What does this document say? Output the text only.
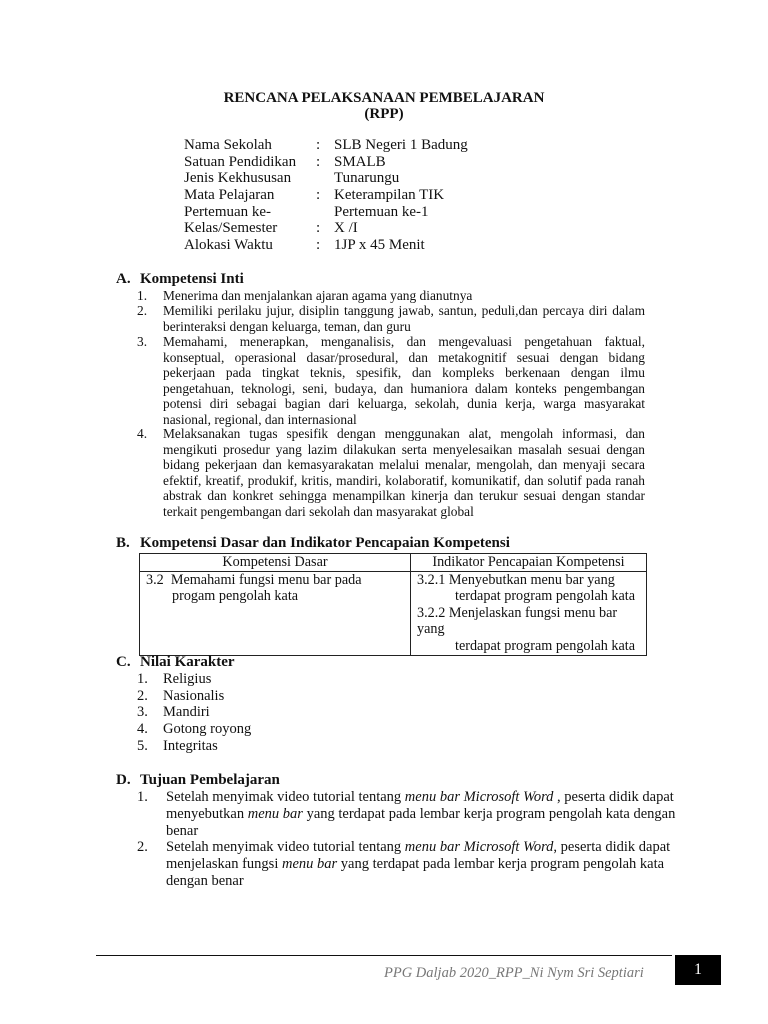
RENCANA PELAKSANAAN PEMBELAJARAN
(RPP)
Nama Sekolah	: SLB Negeri 1 Badung
Satuan Pendidikan	: SMALB
Jenis Kekhususan	Tunarungu
Mata Pelajaran	: Keterampilan TIK
Pertemuan ke-	Pertemuan ke-1
Kelas/Semester	: X /I
Alokasi Waktu	: 1JP x 45 Menit
A. Kompetensi Inti
1. Menerima dan menjalankan ajaran agama yang dianutnya
2. Memiliki perilaku jujur, disiplin tanggung jawab, santun, peduli,dan percaya diri dalam berinteraksi dengan keluarga, teman, dan guru
3. Memahami, menerapkan, menganalisis, dan mengevaluasi pengetahuan faktual, konseptual, operasional dasar/prosedural, dan metakognitif sesuai dengan bidang pekerjaan pada tingkat teknis, spesifik, dan kompleks berkenaan dengan ilmu pengetahuan, teknologi, seni, budaya, dan humaniora dalam konteks pengembangan potensi diri sebagai bagian dari keluarga, sekolah, dunia kerja, warga masyarakat nasional, regional, dan internasional
4. Melaksanakan tugas spesifik dengan menggunakan alat, mengolah informasi, dan mengikuti prosedur yang lazim dilakukan serta menyelesaikan masalah sesuai dengan bidang pekerjaan dan kemasyarakatan melalui menalar, mengolah, dan menyaji secara efektif, kreatif, produkif, kritis, mandiri, kolaboratif, komunikatif, dan solutif pada ranah abstrak dan konkret sehingga menampilkan kinerja dan terukur sesuai dengan standar terkait pengembangan dari sekolah dan masyarakat global
B. Kompetensi Dasar dan Indikator Pencapaian Kompetensi
Kompetensi Dasar	Indikator Pencapaian Kompetensi

3.2 Memahami fungsi menu bar pada
progam pengolah kata	3.2.1 Menyebutkan menu bar yang
terdapat program pengolah kata
3.2.2 Menjelaskan fungsi menu bar yang
terdapat program pengolah kata
C. Nilai Karakter
1. Religius
2. Nasionalis
3. Mandiri
4. Gotong royong
5. Integritas
D. Tujuan Pembelajaran
1. Setelah menyimak video tutorial tentang menu bar Microsoft Word , peserta didik dapat menyebutkan menu bar yang terdapat pada lembar kerja program pengolah kata dengan benar
2. Setelah menyimak video tutorial tentang menu bar Microsoft Word, peserta didik dapat menjelaskan fungsi menu bar yang terdapat pada lembar kerja program pengolah kata dengan benar
PPG Daljab 2020_RPP_Ni Nym Sri Septiari	1
